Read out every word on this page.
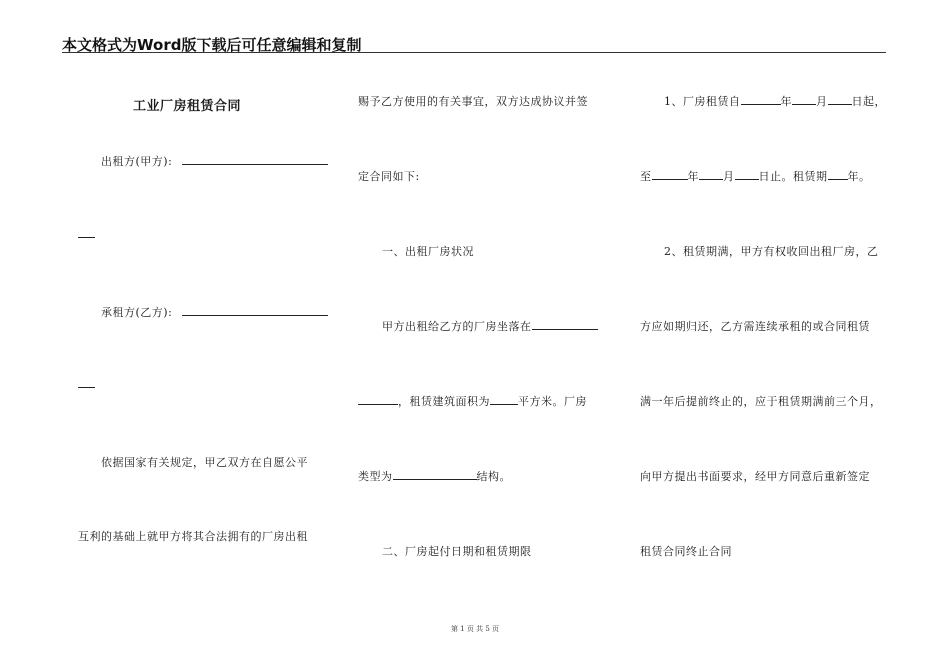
本文格式为Word版下载后可任意编辑和复制
工业厂房租赁合同
出租方(甲方):
承租方(乙方):
依据国家有关规定，甲乙双方在自愿公平
互利的基础上就甲方将其合法拥有的厂房出租
赐予乙方使用的有关事宜，双方达成协议并签
定合同如下:
一、出租厂房状况
甲方出租给乙方的厂房坐落在
，租赁建筑面积为	平方米。厂房
类型为	结构。
二、厂房起付日期和租赁期限
1、厂房租赁自	年 月 日起，
至	年 月 日止。租赁期 年。
2、租赁期满，甲方有权收回出租厂房，乙
方应如期归还，乙方需连续承租的或合同租赁
满一年后提前终止的，应于租赁期满前三个月，
向甲方提出书面要求，经甲方同意后重新签定
租赁合同终止合同
第 1 页 共 5 页
